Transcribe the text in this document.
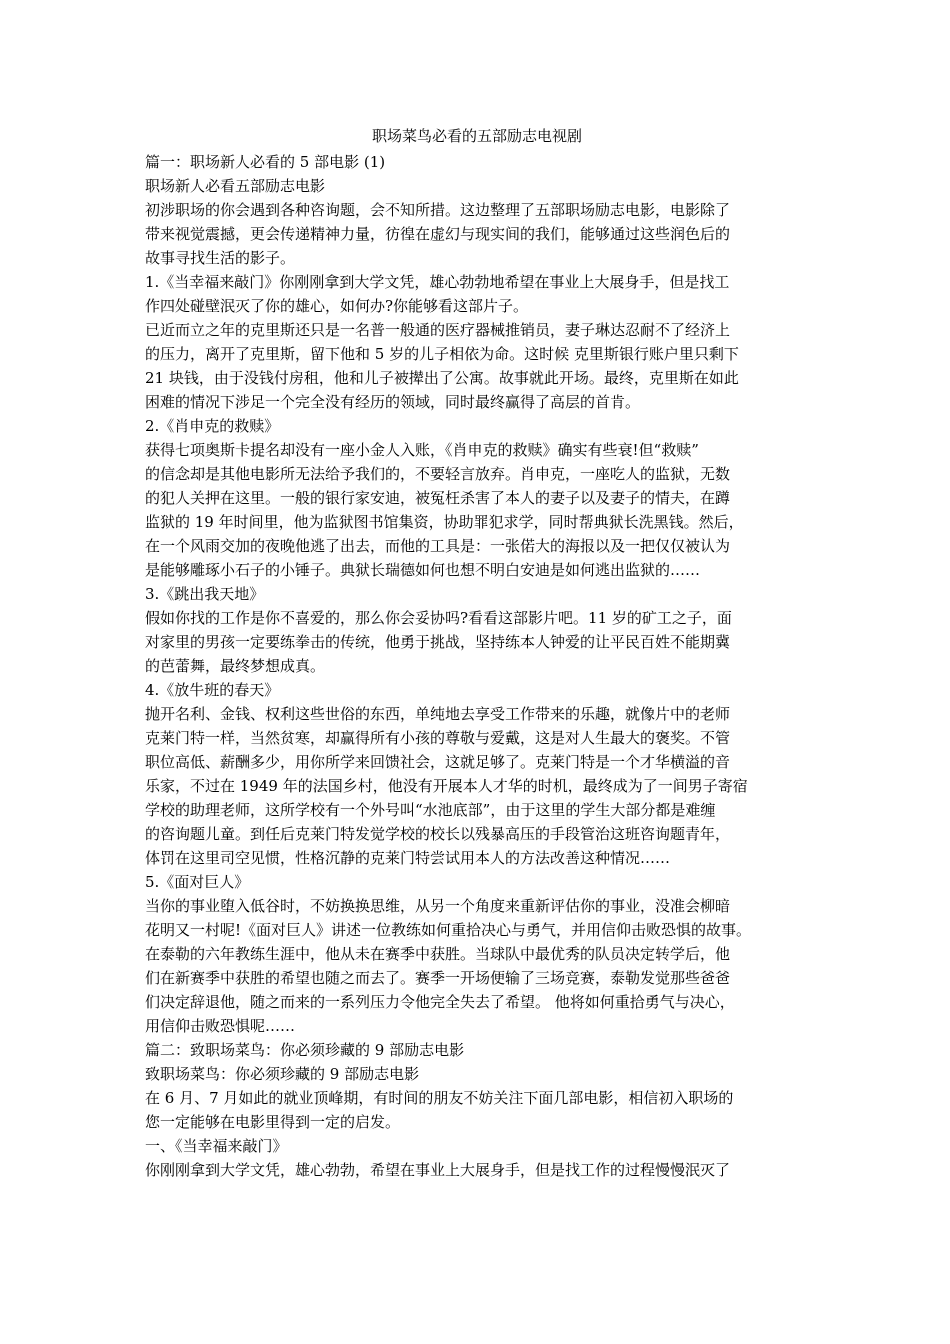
职场菜鸟必看的五部励志电视剧
篇一：职场新人必看的 5 部电影 (1)
职场新人必看五部励志电影
初涉职场的你会遇到各种咨询题，会不知所措。这边整理了五部职场励志电影，电影除了
带来视觉震撼，更会传递精神力量，彷徨在虚幻与现实间的我们，能够通过这些润色后的
故事寻找生活的影子。
1.《当幸福来敲门》你刚刚拿到大学文凭，雄心勃勃地希望在事业上大展身手，但是找工
作四处碰壁泯灭了你的雄心，如何办?你能够看这部片子。
已近而立之年的克里斯还只是一名普一般通的医疗器械推销员，妻子琳达忍耐不了经济上
的压力，离开了克里斯，留下他和 5 岁的儿子相依为命。这时候 克里斯银行账户里只剩下
21 块钱，由于没钱付房租，他和儿子被撵出了公寓。故事就此开场。最终，克里斯在如此
困难的情况下涉足一个完全没有经历的领域，同时最终赢得了高层的首肯。
2.《肖申克的救赎》
获得七项奥斯卡提名却没有一座小金人入账，《肖申克的救赎》确实有些衰!但“救赎”
的信念却是其他电影所无法给予我们的，不要轻言放弃。肖申克，一座吃人的监狱，无数
的犯人关押在这里。一般的银行家安迪，被冤枉杀害了本人的妻子以及妻子的情夫，在蹲
监狱的 19 年时间里，他为监狱图书馆集资，协助罪犯求学，同时帮典狱长洗黑钱。然后，
在一个风雨交加的夜晚他逃了出去，而他的工具是：一张偌大的海报以及一把仅仅被认为
是能够雕琢小石子的小锤子。典狱长瑞德如何也想不明白安迪是如何逃出监狱的……
3.《跳出我天地》
假如你找的工作是你不喜爱的，那么你会妥协吗?看看这部影片吧。11 岁的矿工之子，面
对家里的男孩一定要练拳击的传统，他勇于挑战，坚持练本人钟爱的让平民百姓不能期冀
的芭蕾舞，最终梦想成真。
4.《放牛班的春天》
抛开名利、金钱、权利这些世俗的东西，单纯地去享受工作带来的乐趣，就像片中的老师
克莱门特一样，当然贫寒，却赢得所有小孩的尊敬与爱戴，这是对人生最大的褒奖。不管
职位高低、薪酬多少，用你所学来回馈社会，这就足够了。克莱门特是一个才华横溢的音
乐家，不过在 1949 年的法国乡村，他没有开展本人才华的时机，最终成为了一间男子寄宿
学校的助理老师，这所学校有一个外号叫“水池底部”，由于这里的学生大部分都是难缠
的咨询题儿童。到任后克莱门特发觉学校的校长以残暴高压的手段管治这班咨询题青年，
体罚在这里司空见惯，性格沉静的克莱门特尝试用本人的方法改善这种情况……
5.《面对巨人》
当你的事业堕入低谷时，不妨换换思维，从另一个角度来重新评估你的事业，没准会柳暗
花明又一村呢!《面对巨人》讲述一位教练如何重拾决心与勇气，并用信仰击败恐惧的故事。
在泰勒的六年教练生涯中，他从未在赛季中获胜。当球队中最优秀的队员决定转学后，他
们在新赛季中获胜的希望也随之而去了。赛季一开场便输了三场竞赛，泰勒发觉那些爸爸
们决定辞退他，随之而来的一系列压力令他完全失去了希望。 他将如何重拾勇气与决心，
用信仰击败恐惧呢……
篇二：致职场菜鸟：你必须珍藏的 9 部励志电影
致职场菜鸟：你必须珍藏的 9 部励志电影
在 6 月、7 月如此的就业顶峰期，有时间的朋友不妨关注下面几部电影，相信初入职场的
您一定能够在电影里得到一定的启发。
一、《当幸福来敲门》
你刚刚拿到大学文凭，雄心勃勃，希望在事业上大展身手，但是找工作的过程慢慢泯灭了
